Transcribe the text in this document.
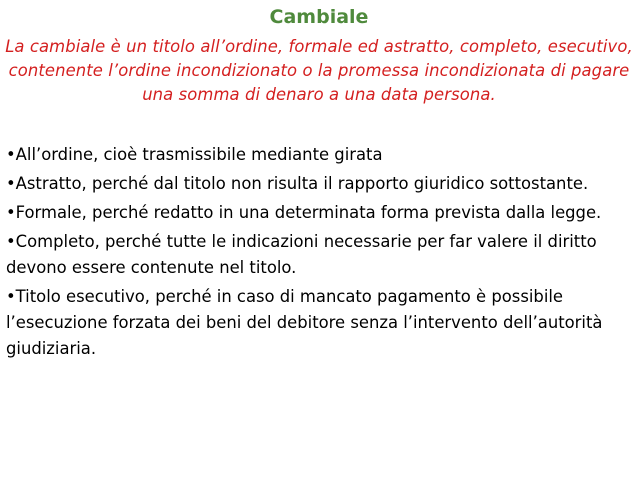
Cambiale
La cambiale è un titolo all’ordine, formale ed astratto, completo, esecutivo, contenente l’ordine incondizionato o la promessa incondizionata di pagare una somma di denaro a una data persona.
•All’ordine, cioè trasmissibile mediante girata
•Astratto, perché dal titolo non risulta il rapporto giuridico sottostante.
•Formale, perché redatto in una determinata forma prevista dalla legge.
•Completo, perché tutte le indicazioni necessarie per far valere il diritto devono essere contenute nel titolo.
•Titolo esecutivo, perché in caso di mancato pagamento è possibile l’esecuzione forzata dei beni del debitore senza l’intervento dell’autorità giudiziaria.
